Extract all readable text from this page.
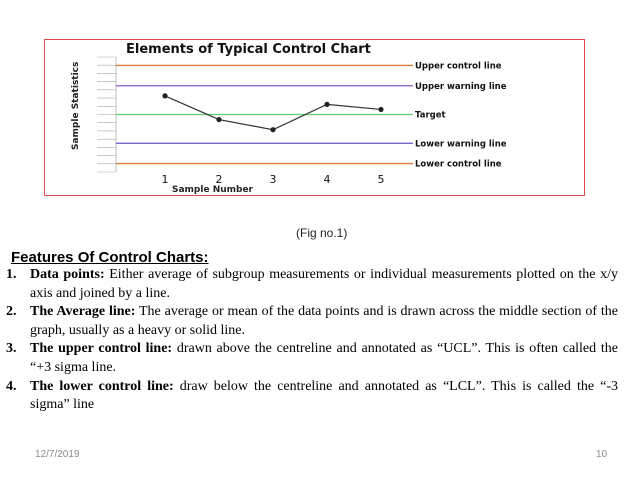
Elements of Typical Control Chart
Upper control line
Upper warning line
Target
Lower warning line
Lower control line
1	2	3	4	5
Sample Number
Sample Statistics
(Fig no.1)
Features Of Control Charts:
1. Data points: Either average of subgroup measurements or individual measurements plotted on the x/y axis and joined by a line.
2. The Average line: The average or mean of the data points and is drawn across the middle section of the graph, usually as a heavy or solid line.
3. The upper control line: drawn above the centreline and annotated as “UCL”. This is often called the “+3 sigma line.
4. The lower control line: draw below the centreline and annotated as “LCL”. This is called the “-3 sigma” line
12/7/2019	10
